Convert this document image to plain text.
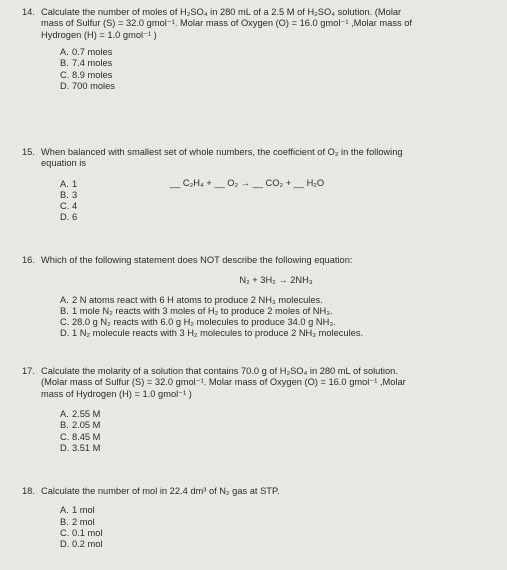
14. Calculate the number of moles of H₂SO₄ in 280 mL of a 2.5 M of H₂SO₄ solution. (Molar
mass of Sulfur (S) = 32.0 gmol⁻¹. Molar mass of Oxygen (O) = 16.0 gmol⁻¹ ,Molar mass of
Hydrogen (H) = 1.0 gmol⁻¹ )
A. 0.7 moles
B. 7.4 moles
C. 8.9 moles
D. 700 moles
15. When balanced with smallest set of whole numbers, the coefficient of O₂ in the following
equation is
__ C₂H₄ + __ O₂ → __ CO₂ + __ H₂O
A. 1
B. 3
C. 4
D. 6
16. Which of the following statement does NOT describe the following equation:
N₂ + 3H₂ → 2NH₃
A. 2 N atoms react with 6 H atoms to produce 2 NH₃ molecules.
B. 1 mole N₂ reacts with 3 moles of H₂ to produce 2 moles of NH₃.
C. 28.0 g N₂ reacts with 6.0 g H₂ molecules to produce 34.0 g NH₃.
D. 1 N₂ molecule reacts with 3 H₂ molecules to produce 2 NH₃ molecules.
17. Calculate the molarity of a solution that contains 70.0 g of H₂SO₄ in 280 mL of solution.
(Molar mass of Sulfur (S) = 32.0 gmol⁻¹. Molar mass of Oxygen (O) = 16.0 gmol⁻¹ ,Molar
mass of Hydrogen (H) = 1.0 gmol⁻¹ )
A. 2.55 M
B. 2.05 M
C. 8.45 M
D. 3.51 M
18. Calculate the number of mol in 22.4 dm³ of N₂ gas at STP.
A. 1 mol
B. 2 mol
C. 0.1 mol
D. 0.2 mol
